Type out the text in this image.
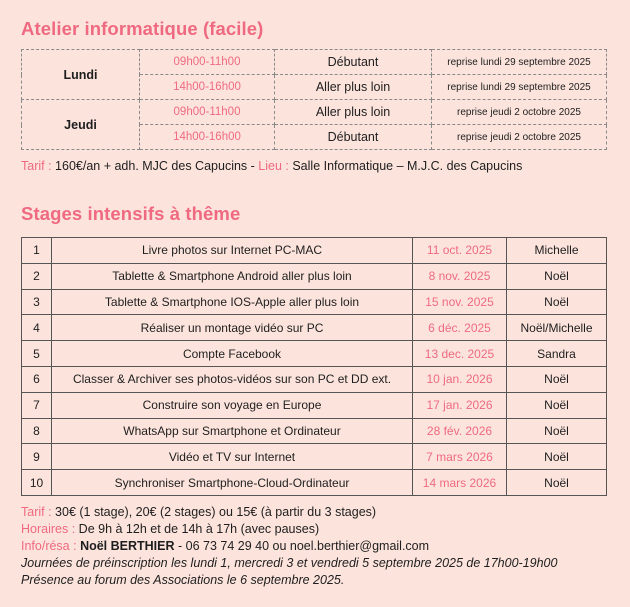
Atelier informatique (facile)
Lundi	09h00-11h00	Débutant	reprise lundi 29 septembre 2025
	14h00-16h00	Aller plus loin	reprise lundi 29 septembre 2025
Jeudi	09h00-11h00	Aller plus loin	reprise jeudi 2 octobre 2025
	14h00-16h00	Débutant	reprise jeudi 2 octobre 2025
Tarif : 160€/an + adh. MJC des Capucins - Lieu : Salle Informatique – M.J.C. des Capucins
Stages intensifs à thême
1	Livre photos sur Internet PC-MAC	11 oct. 2025	Michelle
2	Tablette & Smartphone Android aller plus loin	8 nov. 2025	Noël
3	Tablette & Smartphone IOS-Apple aller plus loin	15 nov. 2025	Noël
4	Réaliser un montage vidéo sur PC	6 déc. 2025	Noël/Michelle
5	Compte Facebook	13 dec. 2025	Sandra
6	Classer & Archiver ses photos-vidéos sur son PC et DD ext.	10 jan. 2026	Noël
7	Construire son voyage en Europe	17 jan. 2026	Noël
8	WhatsApp sur Smartphone et Ordinateur	28 fév. 2026	Noël
9	Vidéo et TV sur Internet	7 mars 2026	Noël
10	Synchroniser Smartphone-Cloud-Ordinateur	14 mars 2026	Noël
Tarif : 30€ (1 stage), 20€ (2 stages) ou 15€ (à partir du 3 stages)
Horaires : De 9h à 12h et de 14h à 17h (avec pauses)
Info/résa : Noël BERTHIER - 06 73 74 29 40 ou noel.berthier@gmail.com
Journées de préinscription les lundi 1, mercredi 3 et vendredi 5 septembre 2025 de 17h00-19h00
Présence au forum des Associations le 6 septembre 2025.
